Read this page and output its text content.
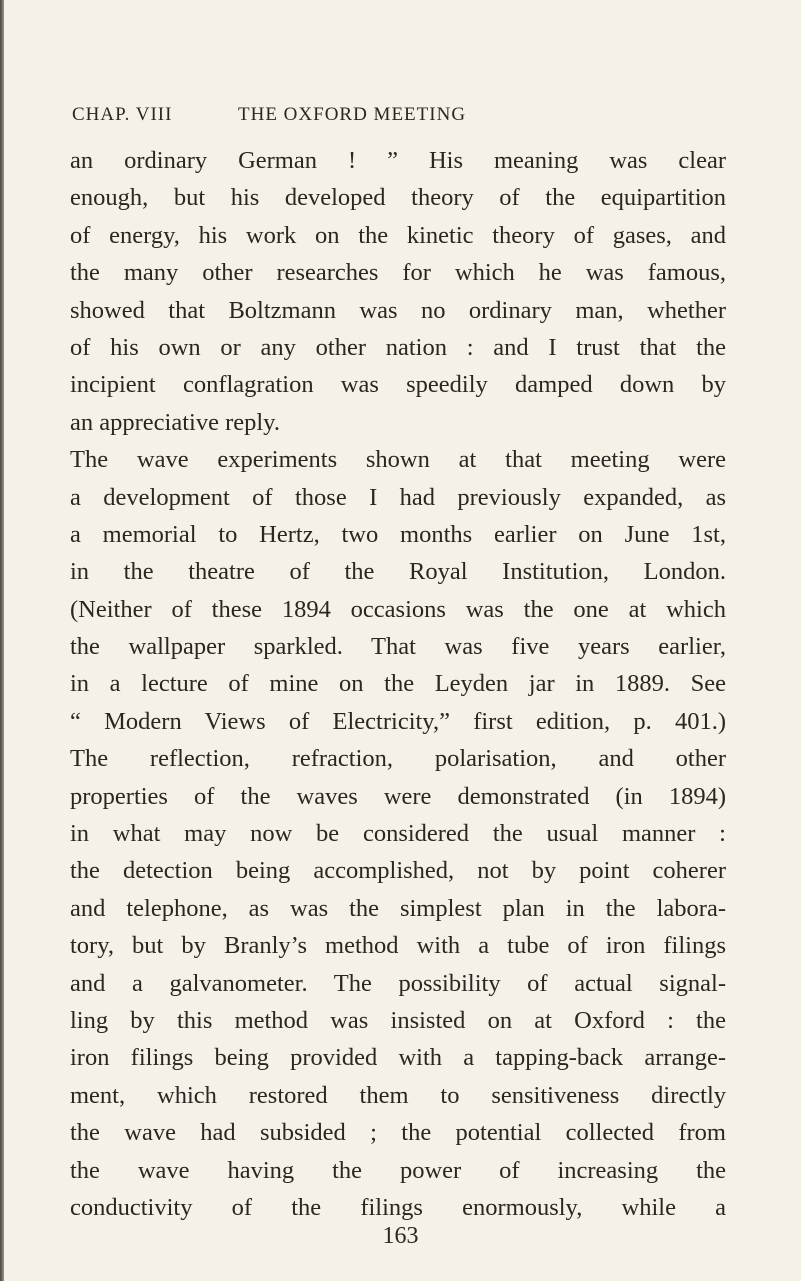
CHAP. VIII	THE OXFORD MEETING
an ordinary German ! ” His meaning was clear
enough, but his developed theory of the equipartition
of energy, his work on the kinetic theory of gases, and
the many other researches for which he was famous,
showed that Boltzmann was no ordinary man, whether
of his own or any other nation : and I trust that the
incipient conflagration was speedily damped down by
an appreciative reply.
The wave experiments shown at that meeting were
a development of those I had previously expanded, as
a memorial to Hertz, two months earlier on June 1st,
in the theatre of the Royal Institution, London.
(Neither of these 1894 occasions was the one at which
the wallpaper sparkled. That was five years earlier,
in a lecture of mine on the Leyden jar in 1889. See
“ Modern Views of Electricity,” first edition, p. 401.)
The reflection, refraction, polarisation, and other
properties of the waves were demonstrated (in 1894)
in what may now be considered the usual manner :
the detection being accomplished, not by point coherer
and telephone, as was the simplest plan in the labora-
tory, but by Branly’s method with a tube of iron filings
and a galvanometer. The possibility of actual signal-
ling by this method was insisted on at Oxford : the
iron filings being provided with a tapping-back arrange-
ment, which restored them to sensitiveness directly
the wave had subsided ; the potential collected from
the wave having the power of increasing the
conductivity of the filings enormously, while a
163
